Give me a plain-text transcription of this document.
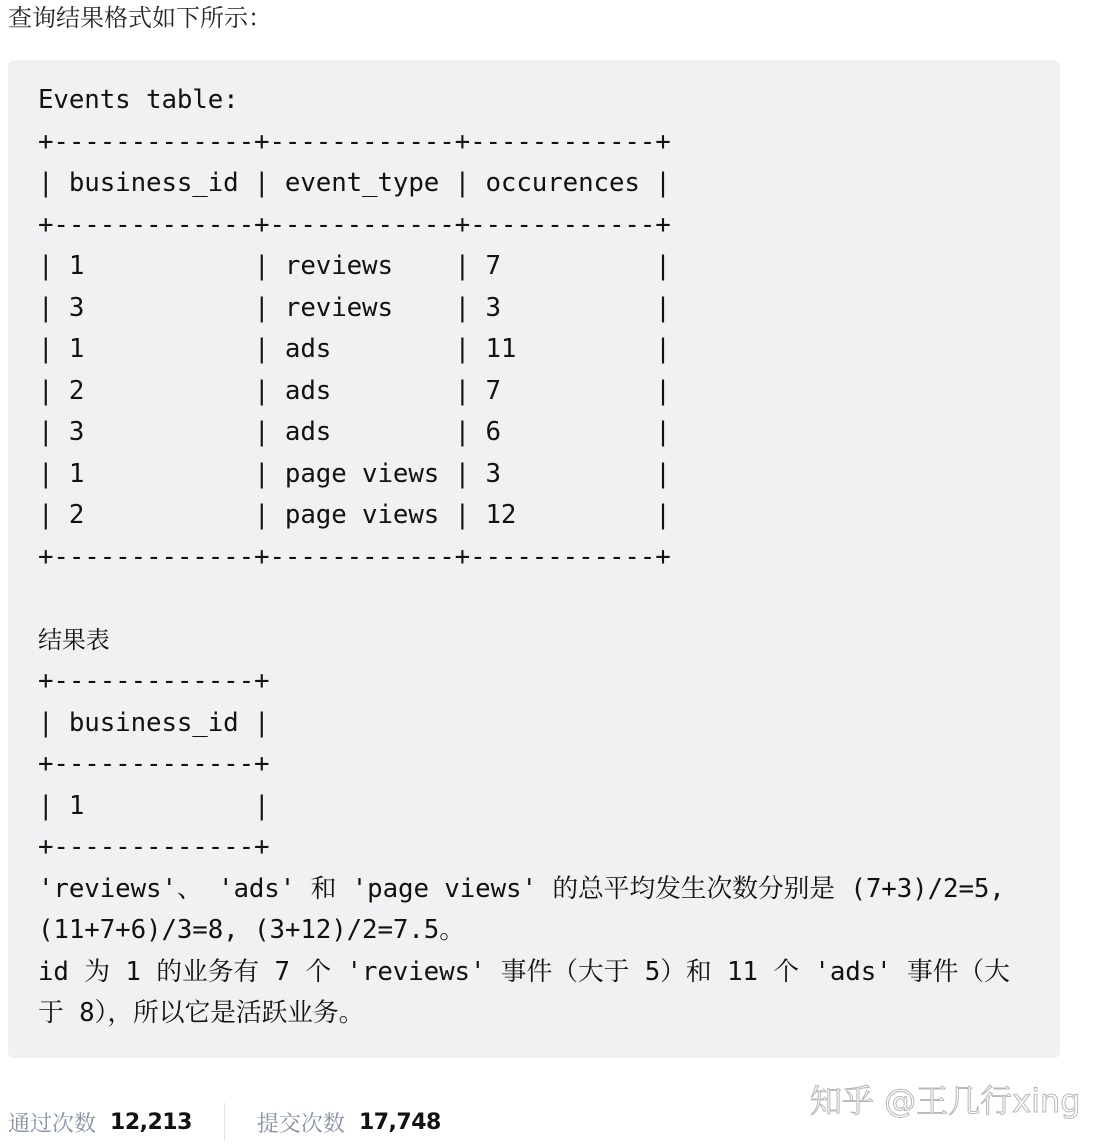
查询结果格式如下所示：
Events table:
+-------------+------------+------------+
| business_id | event_type | occurences |
+-------------+------------+------------+
| 1           | reviews    | 7          |
| 3           | reviews    | 3          |
| 1           | ads        | 11         |
| 2           | ads        | 7          |
| 3           | ads        | 6          |
| 1           | page views | 3          |
| 2           | page views | 12         |
+-------------+------------+------------+
结果表
+-------------+
| business_id |
+-------------+
| 1           |
+-------------+
'reviews'、 'ads' 和 'page views' 的总平均发生次数分别是 (7+3)/2=5,
(11+7+6)/3=8, (3+12)/2=7.5。
id 为 1 的业务有 7 个 'reviews' 事件（大于 5）和 11 个 'ads' 事件（大
于 8），所以它是活跃业务。
通过次数 12,213	提交次数 17,748
知乎 @王几行xing
